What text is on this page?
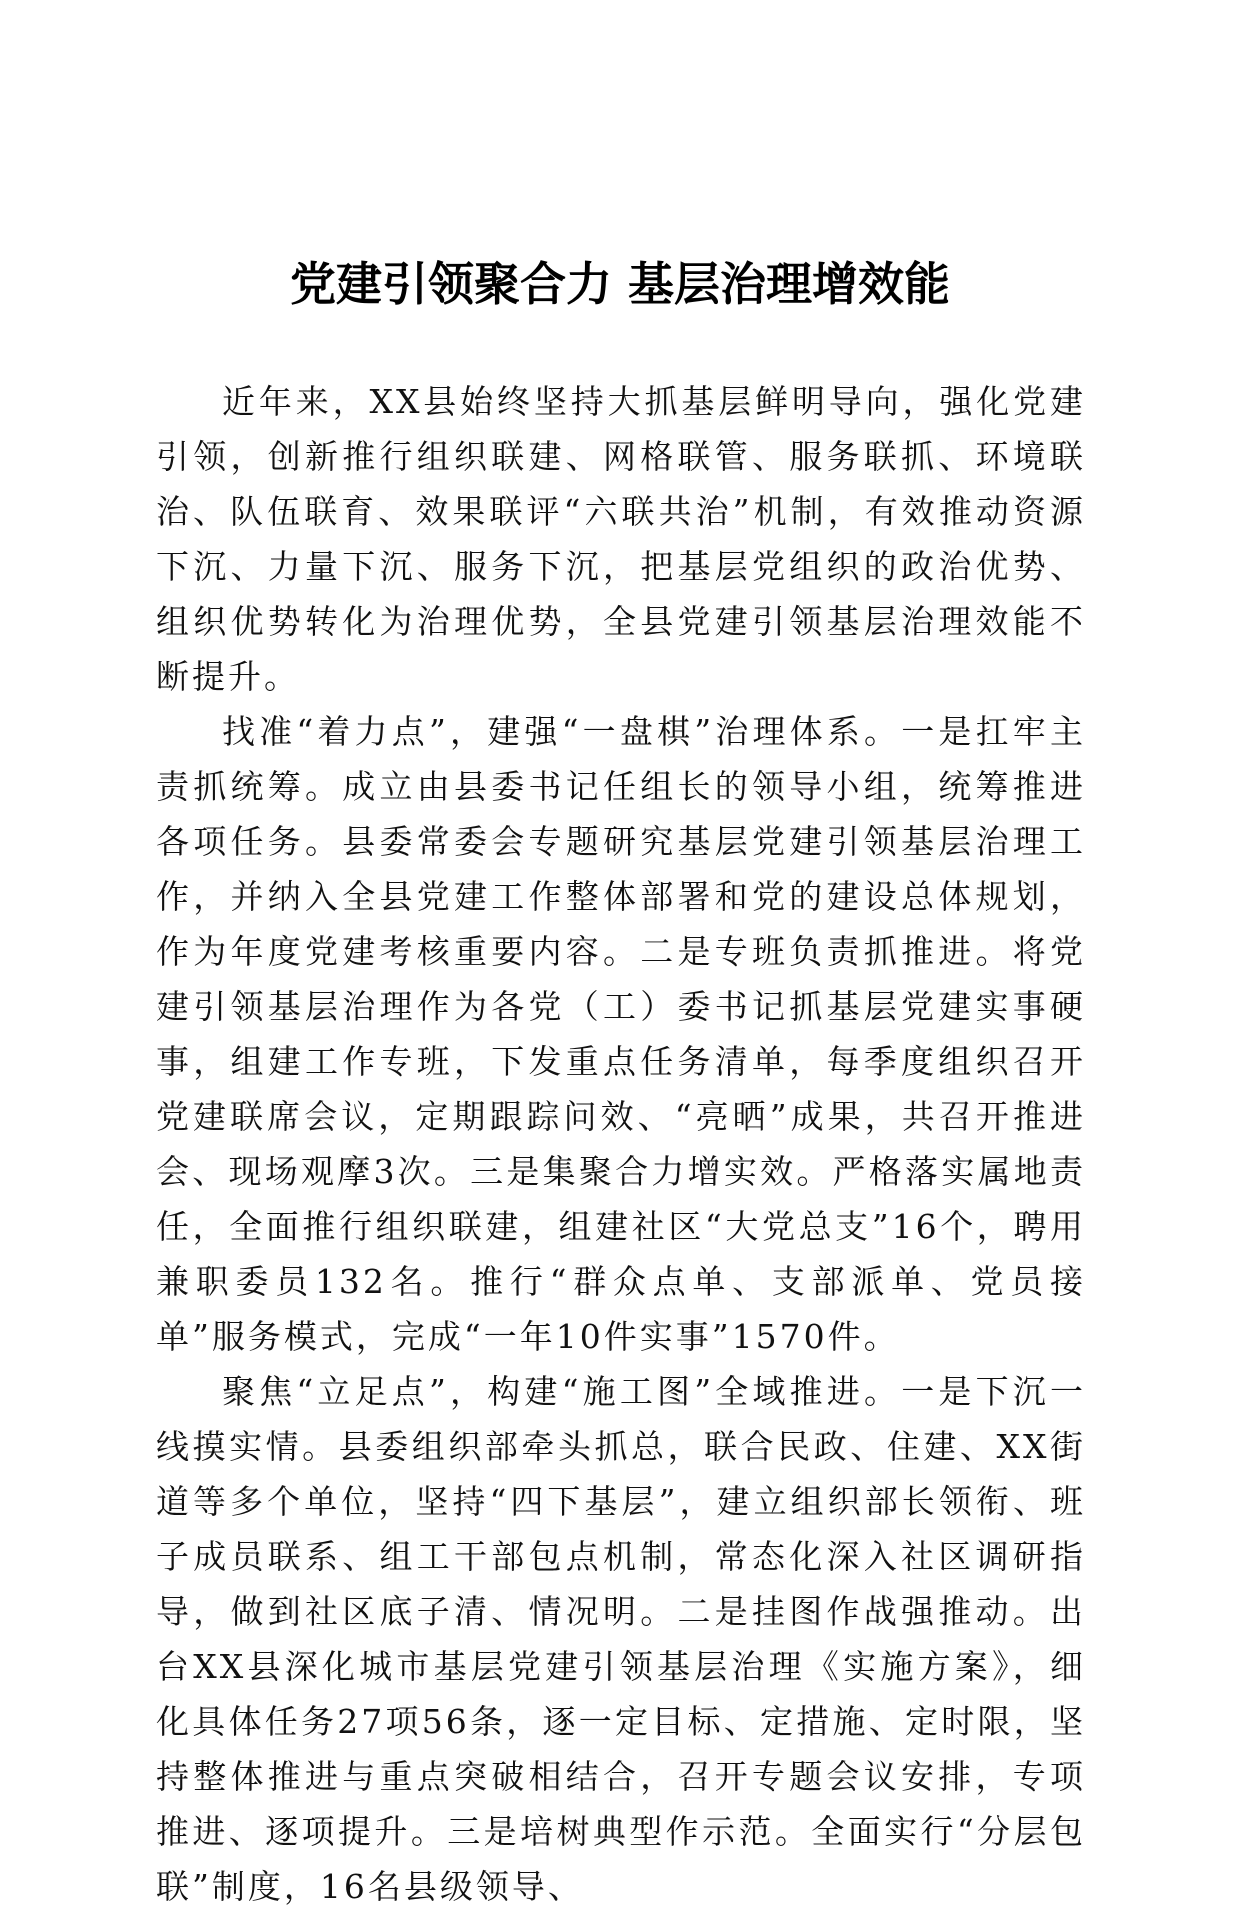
党建引领聚合力 基层治理增效能

近年来，XX县始终坚持大抓基层鲜明导向，强化党建引领，创新推行组织联建、网格联管、服务联抓、环境联治、队伍联育、效果联评“六联共治”机制，有效推动资源下沉、力量下沉、服务下沉，把基层党组织的政治优势、组织优势转化为治理优势，全县党建引领基层治理效能不断提升。

找准“着力点”，建强“一盘棋”治理体系。一是扛牢主责抓统筹。成立由县委书记任组长的领导小组，统筹推进各项任务。县委常委会专题研究基层党建引领基层治理工作，并纳入全县党建工作整体部署和党的建设总体规划，作为年度党建考核重要内容。二是专班负责抓推进。将党建引领基层治理作为各党（工）委书记抓基层党建实事硬事，组建工作专班，下发重点任务清单，每季度组织召开党建联席会议，定期跟踪问效、“亮晒”成果，共召开推进会、现场观摩3次。三是集聚合力增实效。严格落实属地责任，全面推行组织联建，组建社区“大党总支”16个，聘用兼职委员132名。推行“群众点单、支部派单、党员接单”服务模式，完成“一年10件实事”1570件。

聚焦“立足点”，构建“施工图”全域推进。一是下沉一线摸实情。县委组织部牵头抓总，联合民政、住建、XX街道等多个单位，坚持“四下基层”，建立组织部长领衔、班子成员联系、组工干部包点机制，常态化深入社区调研指导，做到社区底子清、情况明。二是挂图作战强推动。出台XX县深化城市基层党建引领基层治理《实施方案》，细化具体任务27项56条，逐一定目标、定措施、定时限，坚持整体推进与重点突破相结合，召开专题会议安排，专项推进、逐项提升。三是培树典型作示范。全面实行“分层包联”制度，16名县级领导、
